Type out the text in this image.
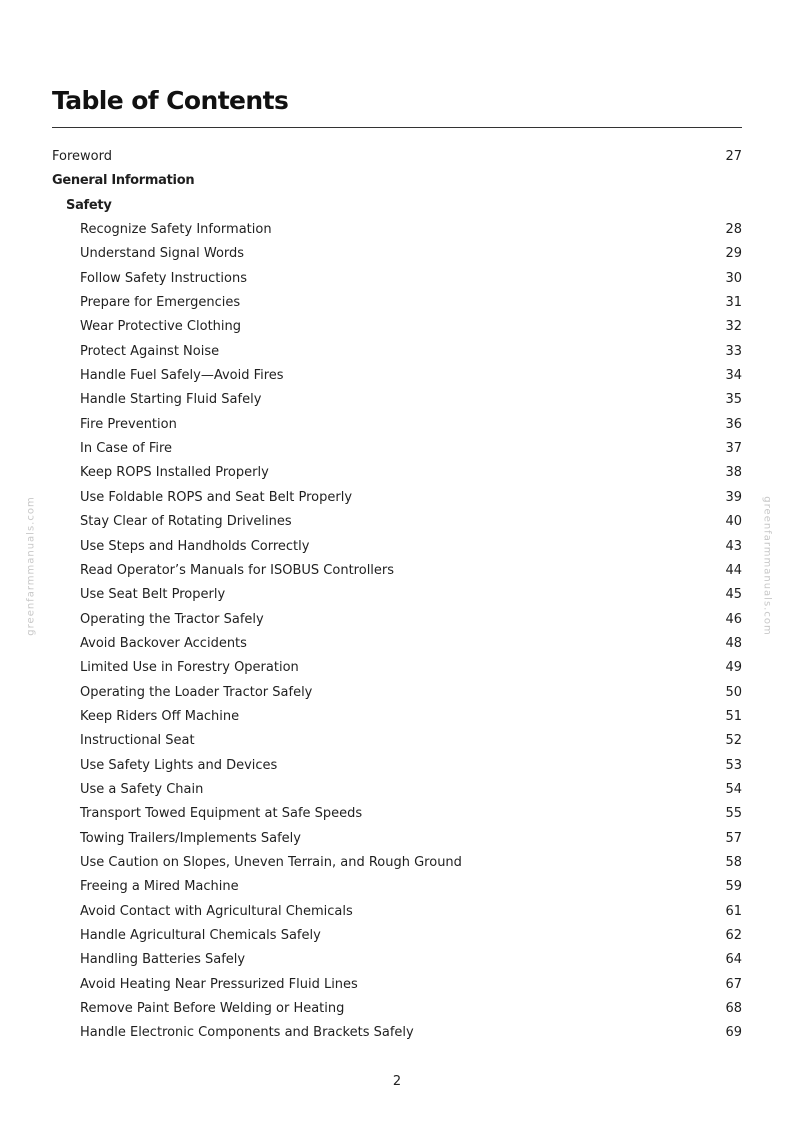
Table of Contents
Foreword	27
General Information
Safety
Recognize Safety Information	28
Understand Signal Words	29
Follow Safety Instructions	30
Prepare for Emergencies	31
Wear Protective Clothing	32
Protect Against Noise	33
Handle Fuel Safely—Avoid Fires	34
Handle Starting Fluid Safely	35
Fire Prevention	36
In Case of Fire	37
Keep ROPS Installed Properly	38
Use Foldable ROPS and Seat Belt Properly	39
Stay Clear of Rotating Drivelines	40
Use Steps and Handholds Correctly	43
Read Operator’s Manuals for ISOBUS Controllers	44
Use Seat Belt Properly	45
Operating the Tractor Safely	46
Avoid Backover Accidents	48
Limited Use in Forestry Operation	49
Operating the Loader Tractor Safely	50
Keep Riders Off Machine	51
Instructional Seat	52
Use Safety Lights and Devices	53
Use a Safety Chain	54
Transport Towed Equipment at Safe Speeds	55
Towing Trailers/Implements Safely	57
Use Caution on Slopes, Uneven Terrain, and Rough Ground	58
Freeing a Mired Machine	59
Avoid Contact with Agricultural Chemicals	61
Handle Agricultural Chemicals Safely	62
Handling Batteries Safely	64
Avoid Heating Near Pressurized Fluid Lines	67
Remove Paint Before Welding or Heating	68
Handle Electronic Components and Brackets Safely	69
2
greenfarmmanuals.com	greenfarmmanuals.com
